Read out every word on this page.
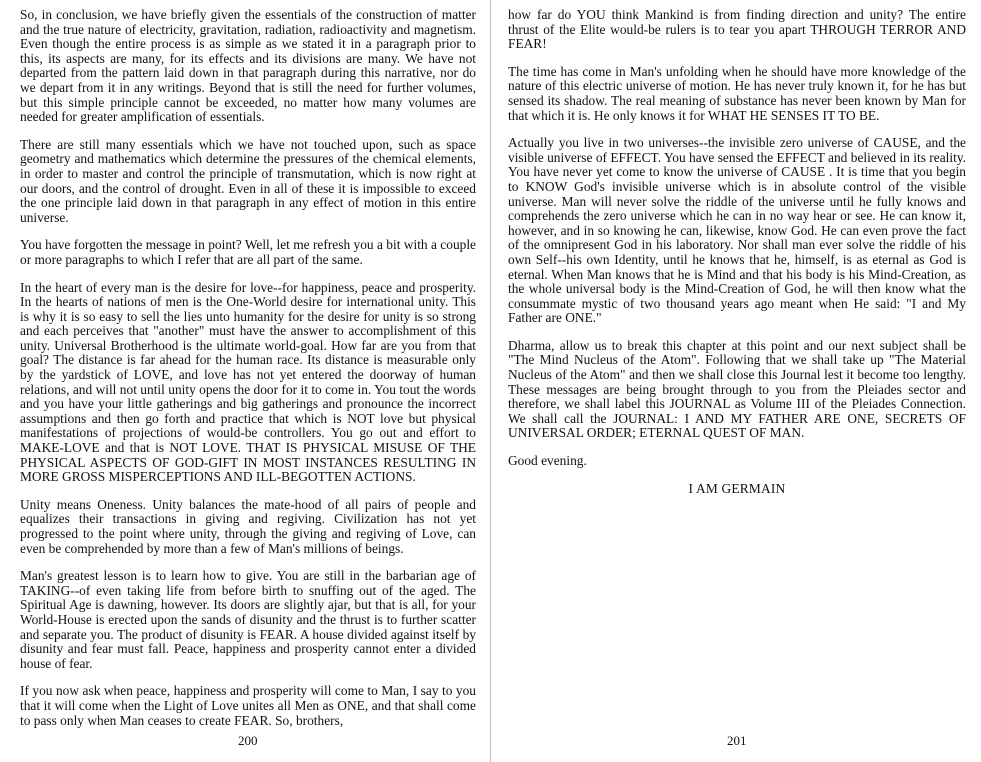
So, in conclusion, we have briefly given the essentials of the construction of matter and the true nature of electricity, gravitation, radiation, radioactivity and magnetism. Even though the entire process is as simple as we stated it in a paragraph prior to this, its aspects are many, for its effects and its divisions are many. We have not departed from the pattern laid down in that paragraph during this narrative, nor do we depart from it in any writings. Beyond that is still the need for further volumes, but this simple principle cannot be exceeded, no matter how many volumes are needed for greater amplification of essentials.

There are still many essentials which we have not touched upon, such as space geometry and mathematics which determine the pressures of the chemical elements, in order to master and control the principle of transmutation, which is now right at our doors, and the control of drought. Even in all of these it is impossible to exceed the one principle laid down in that paragraph in any effect of motion in this entire universe.

You have forgotten the message in point? Well, let me refresh you a bit with a couple or more paragraphs to which I refer that are all part of the same.

In the heart of every man is the desire for love--for happiness, peace and prosperity. In the hearts of nations of men is the One-World desire for international unity. This is why it is so easy to sell the lies unto humanity for the desire for unity is so strong and each perceives that "another" must have the answer to accomplishment of this unity. Universal Brotherhood is the ultimate world-goal. How far are you from that goal? The distance is far ahead for the human race. Its distance is measurable only by the yardstick of LOVE, and love has not yet entered the doorway of human relations, and will not until unity opens the door for it to come in. You tout the words and you have your little gatherings and big gatherings and pronounce the incorrect assumptions and then go forth and practice that which is NOT love but physical manifestations of projections of would-be controllers. You go out and effort to MAKE-LOVE and that is NOT LOVE. THAT IS PHYSICAL MISUSE OF THE PHYSICAL ASPECTS OF GOD-GIFT IN MOST INSTANCES RESULTING IN MORE GROSS MISPERCEPTIONS AND ILL-BEGOTTEN ACTIONS.

Unity means Oneness. Unity balances the mate-hood of all pairs of people and equalizes their transactions in giving and regiving. Civilization has not yet progressed to the point where unity, through the giving and regiving of Love, can even be comprehended by more than a few of Man's millions of beings.

Man's greatest lesson is to learn how to give. You are still in the barbarian age of TAKING--of even taking life from before birth to snuffing out of the aged. The Spiritual Age is dawning, however. Its doors are slightly ajar, but that is all, for your World-House is erected upon the sands of disunity and the thrust is to further scatter and separate you. The product of disunity is FEAR. A house divided against itself by disunity and fear must fall. Peace, happiness and prosperity cannot enter a divided house of fear.

If you now ask when peace, happiness and prosperity will come to Man, I say to you that it will come when the Light of Love unites all Men as ONE, and that shall come to pass only when Man ceases to create FEAR. So, brothers,

200

how far do YOU think Mankind is from finding direction and unity? The entire thrust of the Elite would-be rulers is to tear you apart THROUGH TERROR AND FEAR!

The time has come in Man's unfolding when he should have more knowledge of the nature of this electric universe of motion. He has never truly known it, for he has but sensed its shadow. The real meaning of substance has never been known by Man for that which it is. He only knows it for WHAT HE SENSES IT TO BE.

Actually you live in two universes--the invisible zero universe of CAUSE, and the visible universe of EFFECT. You have sensed the EFFECT and believed in its reality. You have never yet come to know the universe of CAUSE . It is time that you begin to KNOW God's invisible universe which is in absolute control of the visible universe. Man will never solve the riddle of the universe until he fully knows and comprehends the zero universe which he can in no way hear or see. He can know it, however, and in so knowing he can, likewise, know God. He can even prove the fact of the omnipresent God in his laboratory. Nor shall man ever solve the riddle of his own Self--his own Identity, until he knows that he, himself, is as eternal as God is eternal. When Man knows that he is Mind and that his body is his Mind-Creation, as the whole universal body is the Mind-Creation of God, he will then know what the consummate mystic of two thousand years ago meant when He said: "I and My Father are ONE."

Dharma, allow us to break this chapter at this point and our next subject shall be "The Mind Nucleus of the Atom". Following that we shall take up "The Material Nucleus of the Atom" and then we shall close this Journal lest it become too lengthy. These messages are being brought through to you from the Pleiades sector and therefore, we shall label this JOURNAL as Volume III of the Pleiades Connection. We shall call the JOURNAL: I AND MY FATHER ARE ONE, SECRETS OF UNIVERSAL ORDER; ETERNAL QUEST OF MAN.

Good evening.

I AM GERMAIN
201
